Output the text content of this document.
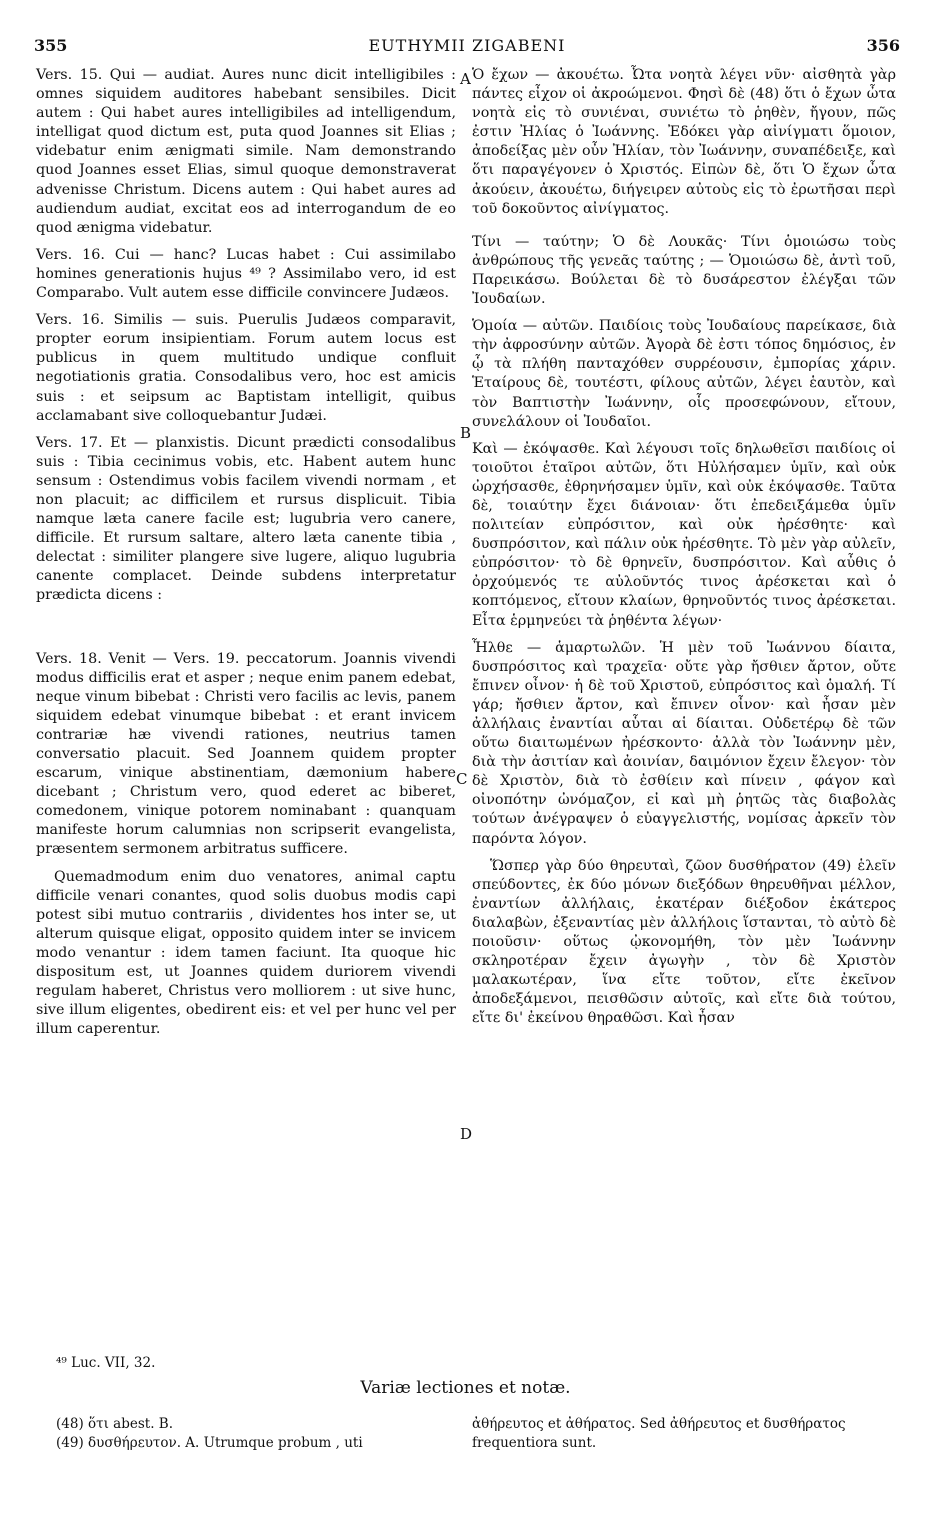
355	EUTHYMII ZIGABENI	356
A
B
C
D

Vers. 15. Qui — audiat. Aures nunc dicit intelligibiles : omnes siquidem auditores habebant sensibiles. Dicit autem : Qui habet aures intelligibiles ad intelligendum, intelligat quod dictum est, puta quod Joannes sit Elias ; videbatur enim ænigmati simile. Nam demonstrando quod Joannes esset Elias, simul quoque demonstraverat advenisse Christum. Dicens autem : Qui habet aures ad audiendum audiat, excitat eos ad interrogandum de eo quod ænigma videbatur.

Vers. 16. Cui — hanc? Lucas habet : Cui assimilabo homines generationis hujus ⁴⁹ ? Assimilabo vero, id est Comparabo. Vult autem esse difficile convincere Judæos.

Vers. 16. Similis — suis. Puerulis Judæos comparavit, propter eorum insipientiam. Forum autem locus est publicus in quem multitudo undique confluit negotiationis gratia. Consodalibus vero, hoc est amicis suis : et seipsum ac Baptistam intelligit, quibus acclamabant sive colloquebantur Judæi.

Vers. 17. Et — planxistis. Dicunt prædicti consodalibus suis : Tibia cecinimus vobis, etc. Habent autem hunc sensum : Ostendimus vobis facilem vivendi normam , et non placuit; ac difficilem et rursus displicuit. Tibia namque læta canere facile est; lugubria vero canere, difficile. Et rursum saltare, altero læta canente tibia , delectat : similiter plangere sive lugere, aliquo lugubria canente complacet. Deinde subdens interpretatur prædicta dicens :

Vers. 18. Venit — Vers. 19. peccatorum. Joannis vivendi modus difficilis erat et asper ; neque enim panem edebat, neque vinum bibebat : Christi vero facilis ac levis, panem siquidem edebat vinumque bibebat : et erant invicem contrariæ hæ vivendi rationes, neutrius tamen conversatio placuit. Sed Joannem quidem propter escarum, vinique abstinentiam, dæmonium habere dicebant ; Christum vero, quod ederet ac biberet, comedonem, vinique potorem nominabant : quanquam manifeste horum calumnias non scripserit evangelista, præsentem sermonem arbitratus sufficere.

Quemadmodum enim duo venatores, animal captu difficile venari conantes, quod solis duobus modis capi potest sibi mutuo contrariis , dividentes hos inter se, ut alterum quisque eligat, opposito quidem inter se invicem modo venantur : idem tamen faciunt. Ita quoque hic dispositum est, ut Joannes quidem duriorem vivendi regulam haberet, Christus vero molliorem : ut sive hunc, sive illum eligentes, obedirent eis: et vel per hunc vel per illum caperentur.

Ὁ ἔχων — ἀκουέτω. Ὦτα νοητὰ λέγει νῦν· αἰσθητὰ γὰρ πάντες εἶχον οἱ ἀκροώμενοι. Φησὶ δὲ (48) ὅτι ὁ ἔχων ὦτα νοητὰ εἰς τὸ συνιέναι, συνιέτω τὸ ῥηθὲν, ἤγουν, πῶς ἐστιν Ἠλίας ὁ Ἰωάννης. Ἐδόκει γὰρ αἰνίγματι ὅμοιον, ἀποδείξας μὲν οὖν Ἠλίαν, τὸν Ἰωάννην, συναπέδειξε, καὶ ὅτι παραγέγονεν ὁ Χριστός. Εἰπὼν δὲ, ὅτι Ὁ ἔχων ὦτα ἀκούειν, ἀκουέτω, διήγειρεν αὐτοὺς εἰς τὸ ἐρωτῆσαι περὶ τοῦ δοκοῦντος αἰνίγματος.

Τίνι — ταύτην; Ὁ δὲ Λουκᾶς· Τίνι ὁμοιώσω τοὺς ἀνθρώπους τῆς γενεᾶς ταύτης ; — Ὁμοιώσω δὲ, ἀντὶ τοῦ, Παρεικάσω. Βούλεται δὲ τὸ δυσάρεστον ἐλέγξαι τῶν Ἰουδαίων.

Ὁμοία — αὐτῶν. Παιδίοις τοὺς Ἰουδαίους παρείκασε, διὰ τὴν ἀφροσύνην αὐτῶν. Ἀγορὰ δὲ ἐστι τόπος δημόσιος, ἐν ᾧ τὰ πλήθη πανταχόθεν συρρέουσιν, ἐμπορίας χάριν. Ἑταίρους δὲ, τουτέστι, φίλους αὐτῶν, λέγει ἑαυτὸν, καὶ τὸν Βαπτιστὴν Ἰωάννην, οἷς προσεφώνουν, εἴτουν, συνελάλουν οἱ Ἰουδαῖοι.

Καὶ — ἐκόψασθε. Καὶ λέγουσι τοῖς δηλωθεῖσι παιδίοις οἱ τοιοῦτοι ἑταῖροι αὐτῶν, ὅτι Ηὐλήσαμεν ὑμῖν, καὶ οὐκ ὠρχήσασθε, ἐθρηνήσαμεν ὑμῖν, καὶ οὐκ ἐκόψασθε. Ταῦτα δὲ, τοιαύτην ἔχει διάνοιαν· ὅτι ἐπεδειξάμεθα ὑμῖν πολιτείαν εὐπρόσιτον, καὶ οὐκ ἠρέσθητε· καὶ δυσπρόσιτον, καὶ πάλιν οὐκ ἠρέσθητε. Τὸ μὲν γὰρ αὐλεῖν, εὐπρόσιτον· τὸ δὲ θρηνεῖν, δυσπρόσιτον. Καὶ αὖθις ὁ ὀρχούμενός τε αὐλοῦντός τινος ἀρέσκεται καὶ ὁ κοπτόμενος, εἴτουν κλαίων, θρηνοῦντός τινος ἀρέσκεται. Εἶτα ἑρμηνεύει τὰ ῥηθέντα λέγων·

Ἦλθε — ἁμαρτωλῶν. Ἡ μὲν τοῦ Ἰωάννου δίαιτα, δυσπρόσιτος καὶ τραχεῖα· οὔτε γὰρ ἤσθιεν ἄρτον, οὔτε ἔπινεν οἶνον· ἡ δὲ τοῦ Χριστοῦ, εὐπρόσιτος καὶ ὁμαλή. Τί γάρ; ἤσθιεν ἄρτον, καὶ ἔπινεν οἶνον· καὶ ἦσαν μὲν ἀλλήλαις ἐναντίαι αὗται αἱ δίαιται. Οὐδετέρῳ δὲ τῶν οὕτω διαιτωμένων ἠρέσκοντο· ἀλλὰ τὸν Ἰωάννην μὲν, διὰ τὴν ἀσιτίαν καὶ ἀοινίαν, δαιμόνιον ἔχειν ἔλεγον· τὸν δὲ Χριστὸν, διὰ τὸ ἐσθίειν καὶ πίνειν , φάγον καὶ οἰνοπότην ὠνόμαζον, εἰ καὶ μὴ ῥητῶς τὰς διαβολὰς τούτων ἀνέγραψεν ὁ εὐαγγελιστής, νομίσας ἀρκεῖν τὸν παρόντα λόγον.

Ὥσπερ γὰρ δύο θηρευταὶ, ζῶον δυσθήρατον (49) ἑλεῖν σπεύδοντες, ἐκ δύο μόνων διεξόδων θηρευθῆναι μέλλον, ἐναντίων ἀλλήλαις, ἑκατέραν διέξοδον ἑκάτερος διαλαβὼν, ἐξεναντίας μὲν ἀλλήλοις ἵστανται, τὸ αὐτὸ δὲ ποιοῦσιν· οὕτως ᾠκονομήθη, τὸν μὲν Ἰωάννην σκληροτέραν ἔχειν ἀγωγὴν , τὸν δὲ Χριστὸν μαλακωτέραν, ἵνα εἴτε τοῦτον, εἴτε ἐκεῖνον ἀποδεξάμενοι, πεισθῶσιν αὐτοῖς, καὶ εἴτε διὰ τούτου, εἴτε δι' ἐκείνου θηραθῶσι. Καὶ ἦσαν

⁴⁹ Luc. VII, 32.
Variæ lectiones et notæ.
(48) ὅτι abest. B.
(49) δυσθήρευτον. A. Utrumque probum , uti
ἀθήρευτος et ἀθήρατος. Sed ἀθήρευτος et δυσθήρατος frequentiora sunt.
